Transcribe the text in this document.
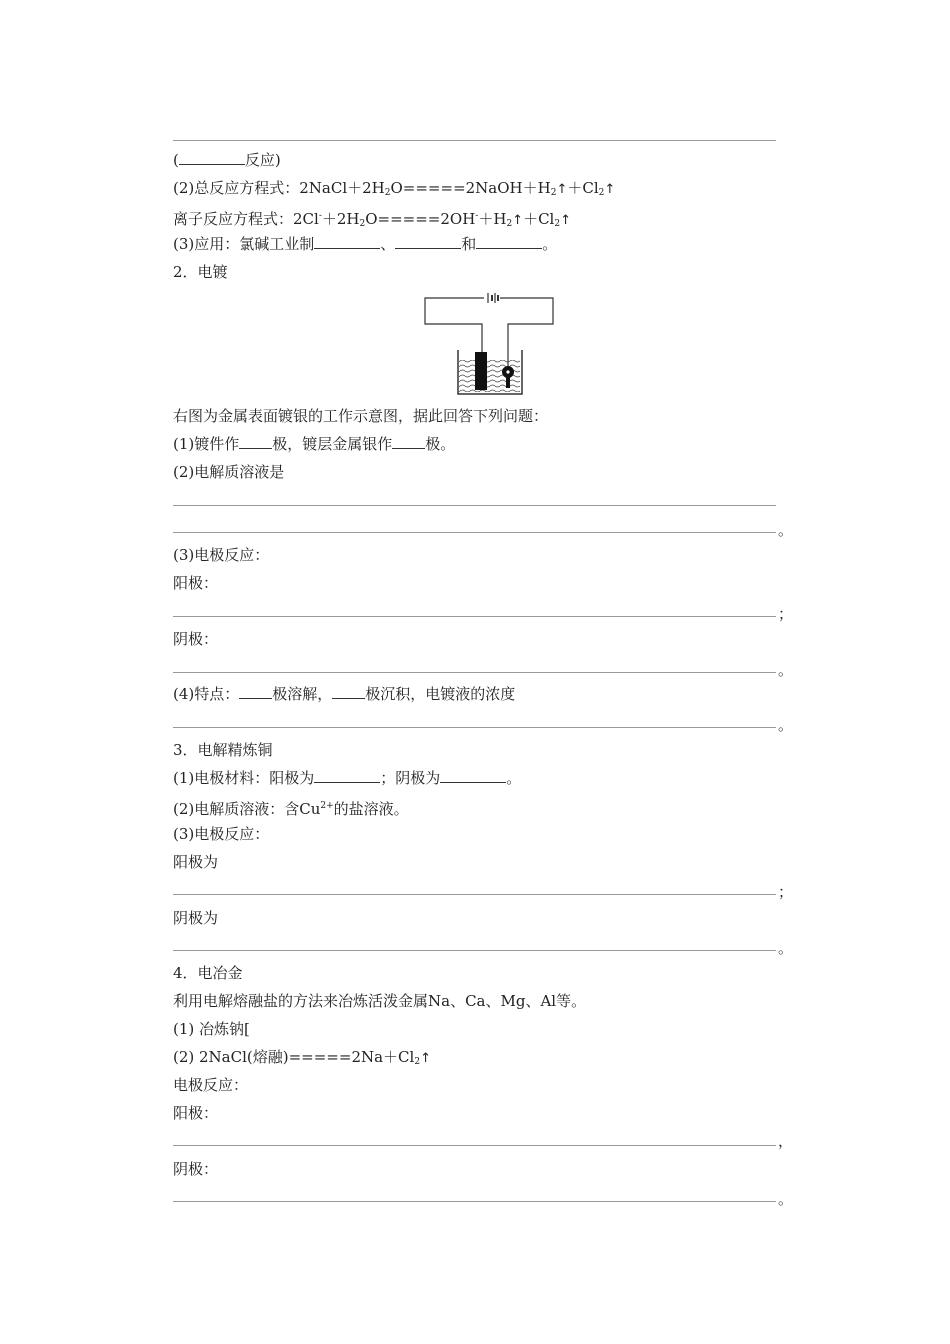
(	反应)
(2)总反应方程式：$2NaCl+2H_2O=====2NaOH+H_2↑+Cl_2↑$
离子反应方程式：$2Cl^-+2H_2O=====2OH^-+H_2↑+Cl_2↑$
(3)应用：氯碱工业制	、	和	。
2．电镀
右图为金属表面镀银的工作示意图，据此回答下列问题：
(1)镀件作 极，镀层金属银作 极。
(2)电解质溶液是
。
(3)电极反应：
阳极：
；
阴极：
。
(4)特点： 极溶解， 极沉积，电镀液的浓度
。
3．电解精炼铜
(1)电极材料：阳极为	；阴极为	。
(2)电解质溶液：含$Cu^{2+}$的盐溶液。
(3)电极反应：
阳极为
；
阴极为
。
4．电冶金
利用电解熔融盐的方法来冶炼活泼金属Na、Ca、Mg、Al等。
(1) 冶炼钠[
(2) 2NaCl(熔融)$=====2Na+Cl_2↑$
电极反应：
阳极：
，
阴极：
。
